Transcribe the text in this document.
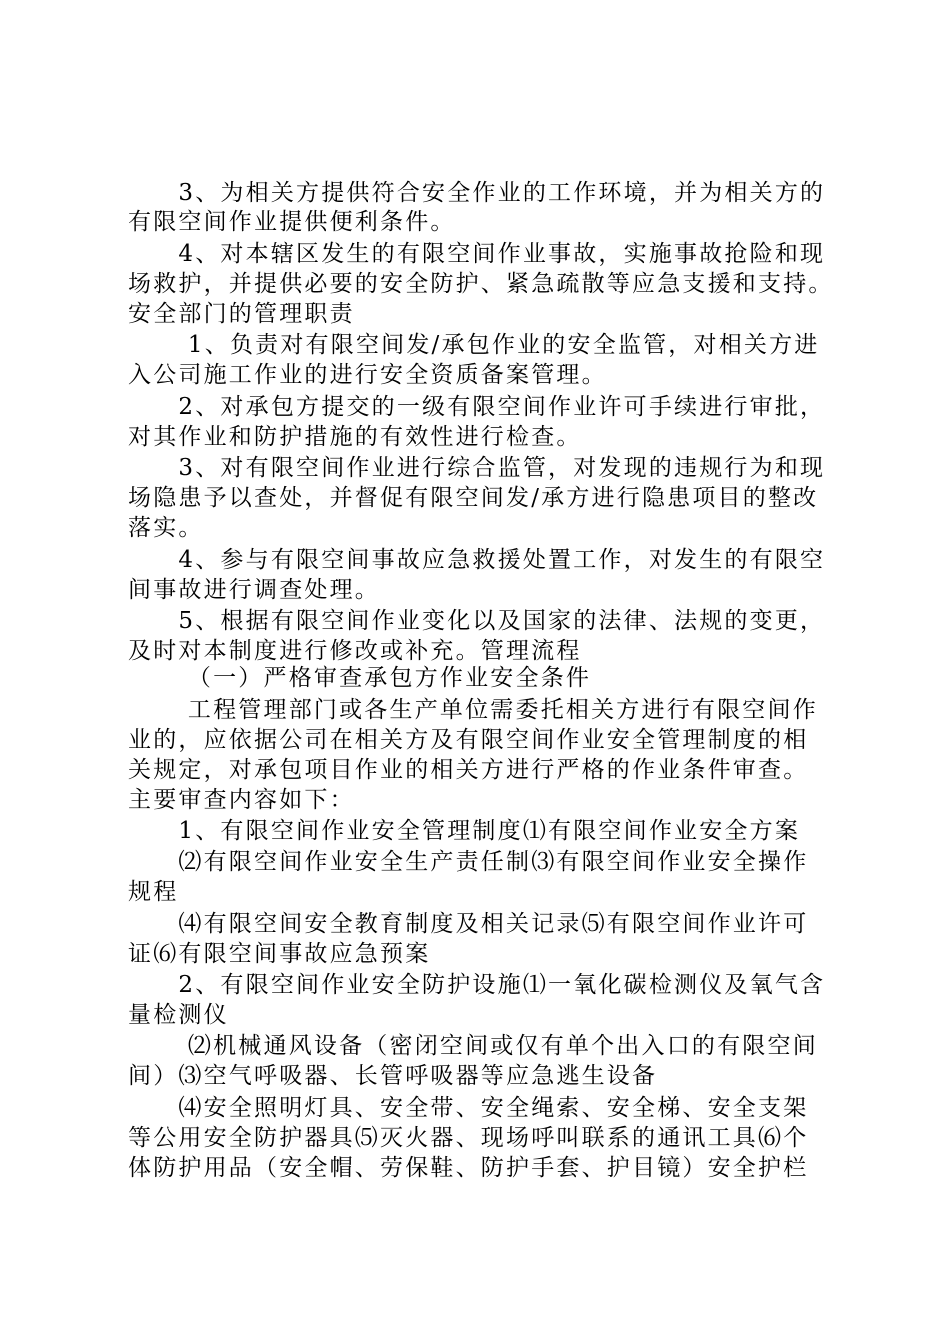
　　3、为相关方提供符合安全作业的工作环境，并为相关方的
有限空间作业提供便利条件。
　　4、对本辖区发生的有限空间作业事故，实施事故抢险和现
场救护，并提供必要的安全防护、紧急疏散等应急支援和支持。
安全部门的管理职责
　　 1、负责对有限空间发/承包作业的安全监管，对相关方进
入公司施工作业的进行安全资质备案管理。
　　2、对承包方提交的一级有限空间作业许可手续进行审批，
对其作业和防护措施的有效性进行检查。
　　3、对有限空间作业进行综合监管，对发现的违规行为和现
场隐患予以查处，并督促有限空间发/承方进行隐患项目的整改
落实。
　　4、参与有限空间事故应急救援处置工作，对发生的有限空
间事故进行调查处理。
　　5、根据有限空间作业变化以及国家的法律、法规的变更，
及时对本制度进行修改或补充。管理流程
　　 （一）严格审查承包方作业安全条件
　　 工程管理部门或各生产单位需委托相关方进行有限空间作
业的，应依据公司在相关方及有限空间作业安全管理制度的相
关规定，对承包项目作业的相关方进行严格的作业条件审查。
主要审查内容如下：
　　1、有限空间作业安全管理制度⑴有限空间作业安全方案
　　⑵有限空间作业安全生产责任制⑶有限空间作业安全操作
规程
　　⑷有限空间安全教育制度及相关记录⑸有限空间作业许可
证⑹有限空间事故应急预案
　　2、有限空间作业安全防护设施⑴一氧化碳检测仪及氧气含
量检测仪
　　 ⑵机械通风设备（密闭空间或仅有单个出入口的有限空间
间）⑶空气呼吸器、长管呼吸器等应急逃生设备
　　⑷安全照明灯具、安全带、安全绳索、安全梯、安全支架
等公用安全防护器具⑸灭火器、现场呼叫联系的通讯工具⑹个
体防护用品（安全帽、劳保鞋、防护手套、护目镜）安全护栏
